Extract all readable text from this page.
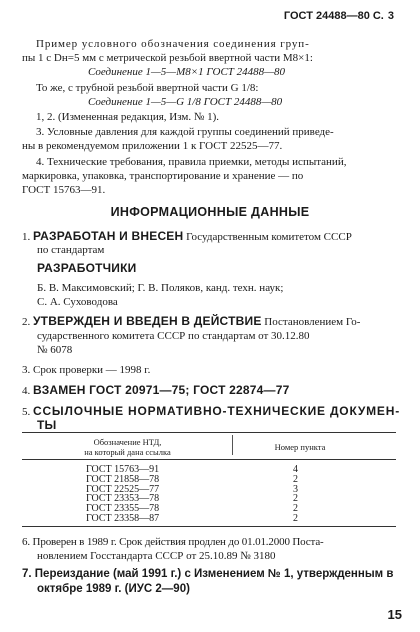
ГОСТ 24488—80 С. 3
Пример условного обозначения соединения груп-
пы 1 с Dн=5 мм с метрической резьбой ввертной части М8×1:
Соединение 1—5—М8×1 ГОСТ 24488—80
То же, с трубной резьбой ввертной части G 1/8:
Соединение 1—5—G 1/8 ГОСТ 24488—80
1, 2. (Измененная редакция, Изм. № 1).
3. Условные давления для каждой группы соединений приведе-
ны в рекомендуемом приложении 1 к ГОСТ 22525—77.
4. Технические требования, правила приемки, методы испытаний,
маркировка, упаковка, транспортирование и хранение — по
ГОСТ 15763—91.
ИНФОРМАЦИОННЫЕ ДАННЫЕ
1. РАЗРАБОТАН И ВНЕСЕН Государственным комитетом СССР
по стандартам
РАЗРАБОТЧИКИ
Б. В. Максимовский; Г. В. Поляков, канд. техн. наук;
С. А. Суховодова
2. УТВЕРЖДЕН И ВВЕДЕН В ДЕЙСТВИЕ Постановлением Го-
сударственного комитета СССР по стандартам от 30.12.80
№ 6078
3. Срок проверки — 1998 г.
4. ВЗАМЕН ГОСТ 20971—75; ГОСТ 22874—77
5. ССЫЛОЧНЫЕ НОРМАТИВНО-ТЕХНИЧЕСКИЕ ДОКУМЕН-
ТЫ
Обозначение НТД,
на который дана ссылка	Номер пункта
ГОСТ 15763—91	4
ГОСТ 21858—78	2
ГОСТ 22525—77	3
ГОСТ 23353—78	2
ГОСТ 23355—78	2
ГОСТ 23358—87	2
6. Проверен в 1989 г. Срок действия продлен до 01.01.2000 Поста-
новлением Госстандарта СССР от 25.10.89 № 3180
7. Переиздание (май 1991 г.) с Изменением № 1, утвержденным в
октябре 1989 г. (ИУС 2—90)
15
